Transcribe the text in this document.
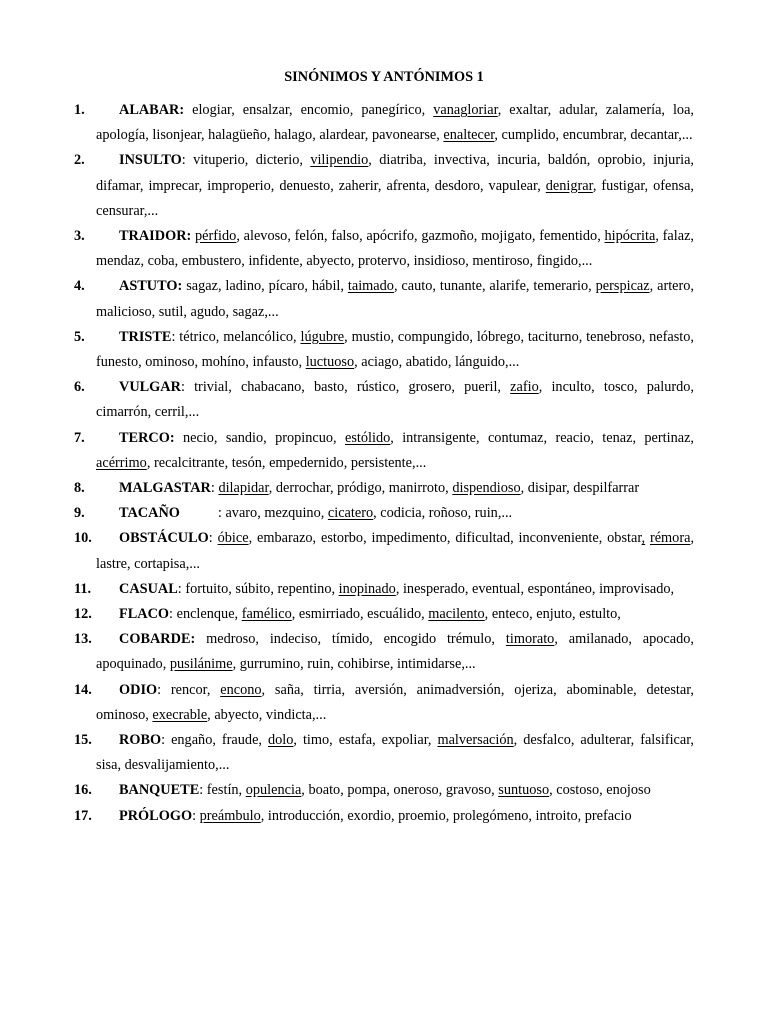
SINÓNIMOS Y ANTÓNIMOS 1
1.	ALABAR: elogiar, ensalzar, encomio, panegírico, vanagloriar, exaltar, adular, zalamería, loa, apología, lisonjear, halagüeño, halago, alardear, pavonearse, enaltecer, cumplido, encumbrar, decantar,...
2.	INSULTO: vituperio, dicterio, vilipendio, diatriba, invectiva, incuria, baldón, oprobio, injuria, difamar, imprecar, improperio, denuesto, zaherir, afrenta, desdoro, vapulear, denigrar, fustigar, ofensa, censurar,...
3.	TRAIDOR: pérfido, alevoso, felón, falso, apócrifo, gazmoño, mojigato, fementido, hipócrita, falaz, mendaz, coba, embustero, infidente, abyecto, protervo, insidioso, mentiroso, fingido,...
4.	ASTUTO: sagaz, ladino, pícaro, hábil, taimado, cauto, tunante, alarife, temerario, perspicaz, artero, malicioso, sutil, agudo, sagaz,...
5.	TRISTE: tétrico, melancólico, lúgubre, mustio, compungido, lóbrego, taciturno, tenebroso, nefasto, funesto, ominoso, mohíno, infausto, luctuoso, aciago, abatido, lánguido,...
6.	VULGAR: trivial, chabacano, basto, rústico, grosero, pueril, zafio, inculto, tosco, palurdo, cimarrón, cerril,...
7.	TERCO: necio, sandio, propincuo, estólido, intransigente, contumaz, reacio, tenaz, pertinaz, acérrimo, recalcitrante, tesón, empedernido, persistente,...
8.	MALGASTAR: dilapidar, derrochar, pródigo, manirroto, dispendioso, disipar, despilfarrar
9.	TACAÑO	: avaro, mezquino, cicatero, codicia, roñoso, ruin,...
10.	OBSTÁCULO: óbice, embarazo, estorbo, impedimento, dificultad, inconveniente, obstar, rémora, lastre, cortapisa,...
11.	CASUAL: fortuito, súbito, repentino, inopinado, inesperado, eventual, espontáneo, improvisado,
12.	FLACO: enclenque, famélico, esmirriado, escuálido, macilento, enteco, enjuto, estulto,
13.	COBARDE: medroso, indeciso, tímido, encogido trémulo, timorato, amilanado, apocado, apoquinado, pusilánime, gurrumino, ruin, cohibirse, intimidarse,...
14.	ODIO: rencor, encono, saña, tirria, aversión, animadversión, ojeriza, abominable, detestar, ominoso, execrable, abyecto, vindicta,...
15.	ROBO: engaño, fraude, dolo, timo, estafa, expoliar, malversación, desfalco, adulterar, falsificar, sisa, desvalijamiento,...
16.	BANQUETE: festín, opulencia, boato, pompa, oneroso, gravoso, suntuoso, costoso, enojoso
17.	PRÓLOGO: preámbulo, introducción, exordio, proemio, prolegómeno, introito, prefacio
